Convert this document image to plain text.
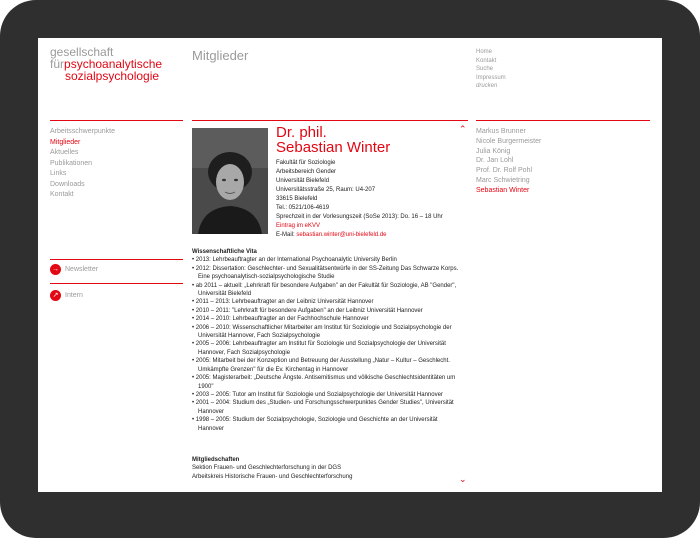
gesellschaft
fürpsychoanalytische
sozialpsychologie
Mitglieder	Home
Kontakt
Suche
Impressum
drucken
Arbeitsschwerpunkte
Mitglieder
Aktuelles
Publikationen
Links
Downloads
Kontakt
→ Newsletter
↗ Intern
Dr. phil.
Sebastian Winter
⌃
Fakultät für Soziologie
Arbeitsbereich Gender
Universität Bielefeld
Universitätsstraße 25, Raum: U4-207
33615 Bielefeld
Tel.: 0521/106-4619
Sprechzeit in der Vorlesungszeit (SoSe 2013): Do. 16 – 18 Uhr
Eintrag im eKVV
E-Mail: sebastian.winter@uni-bielefeld.de
Wissenschaftliche Vita
• 2013: Lehrbeauftragter an der International Psychoanalytic University Berlin
• 2012: Dissertation: Geschlechter- und Sexualitätsentwürfe in der SS-Zeitung Das Schwarze Korps. Eine psychoanalytisch-sozialpsychologische Studie
• ab 2011 – aktuell: „Lehrkraft für besondere Aufgaben" an der Fakultät für Soziologie, AB "Gender", Universität Bielefeld
• 2011 – 2013: Lehrbeauftragter an der Leibniz Universität Hannover
• 2010 – 2011: "Lehrkraft für besondere Aufgaben" an der Leibniz Universität Hannover
• 2014 – 2010: Lehrbeauftragter an der Fachhochschule Hannover
• 2006 – 2010: Wissenschaftlicher Mitarbeiter am Institut für Soziologie und Sozialpsychologie der Universität Hannover, Fach Sozialpsychologie
• 2005 – 2006: Lehrbeauftragter am Institut für Soziologie und Sozialpsychologie der Universität Hannover, Fach Sozialpsychologie
• 2005: Mitarbeit bei der Konzeption und Betreuung der Ausstellung „Natur – Kultur – Geschlecht. Umkämpfte Grenzen" für die Ev. Kirchentag in Hannover
• 2005: Magisterarbeit: „Deutsche Ängste. Antisemitismus und völkische Geschlechtsidentitäten um 1900"
• 2003 – 2005: Tutor am Institut für Soziologie und Sozialpsychologie der Universität Hannover
• 2001 – 2004: Studium des „Studien- und Forschungsschwerpunktes Gender Studies", Universität Hannover
• 1998 – 2005: Studium der Sozialpsychologie, Soziologie und Geschichte an der Universität Hannover
Mitgliedschaften
Sektion Frauen- und Geschlechterforschung in der DGS
Arbeitskreis Historische Frauen- und Geschlechterforschung	⌄
Markus Brunner
Nicole Burgermeister
Julia König
Dr. Jan Lohl
Prof. Dr. Rolf Pohl
Marc Schwietring
Sebastian Winter
